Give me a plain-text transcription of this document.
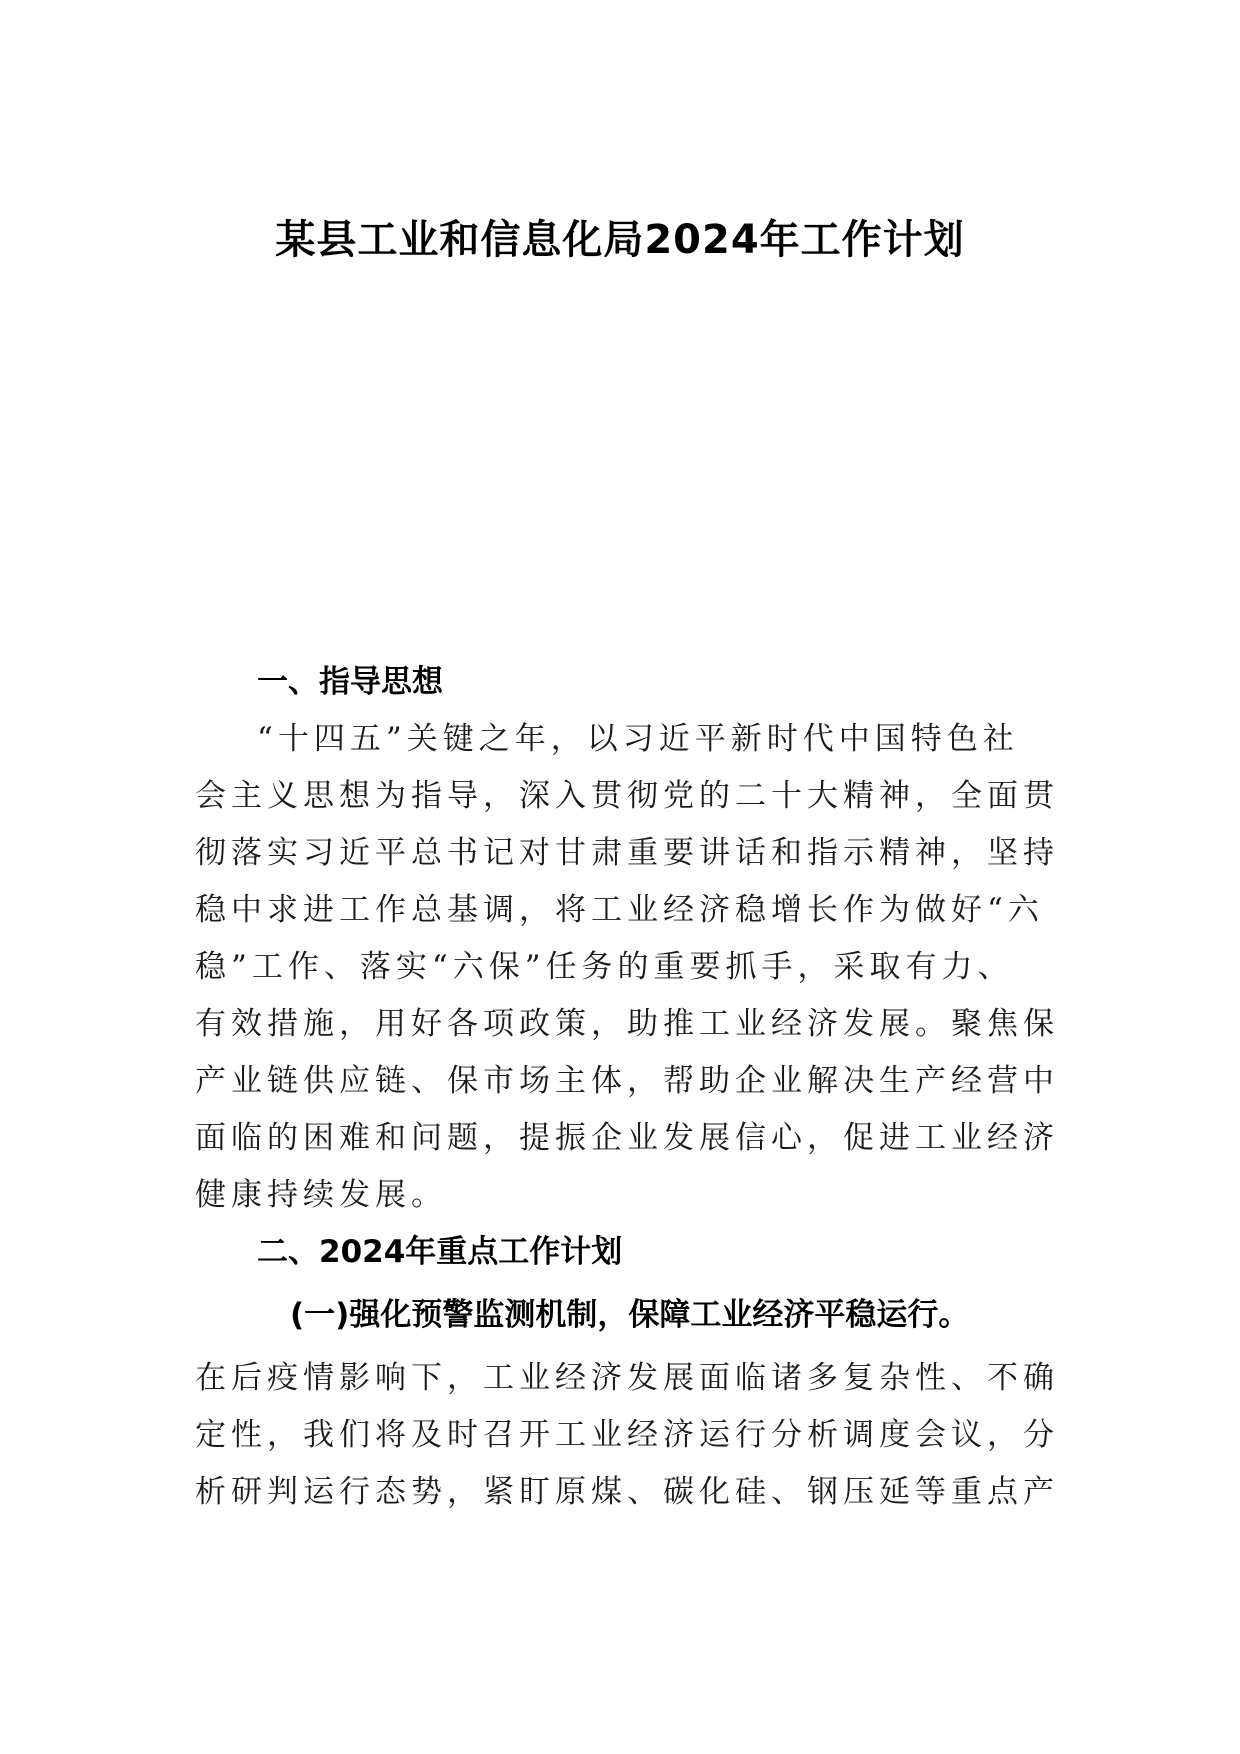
某县工业和信息化局2024年工作计划
一、指导思想
“十四五”关键之年，以习近平新时代中国特色社
会主义思想为指导，深入贯彻党的二十大精神，全面贯
彻落实习近平总书记对甘肃重要讲话和指示精神，坚持
稳中求进工作总基调，将工业经济稳增长作为做好“六
稳”工作、落实“六保”任务的重要抓手，采取有力、
有效措施，用好各项政策，助推工业经济发展。聚焦保
产业链供应链、保市场主体，帮助企业解决生产经营中
面临的困难和问题，提振企业发展信心，促进工业经济
健康持续发展。
二、2024年重点工作计划
(一)强化预警监测机制，保障工业经济平稳运行。
在后疫情影响下，工业经济发展面临诸多复杂性、不确
定性，我们将及时召开工业经济运行分析调度会议，分
析研判运行态势，紧盯原煤、碳化硅、钢压延等重点产
